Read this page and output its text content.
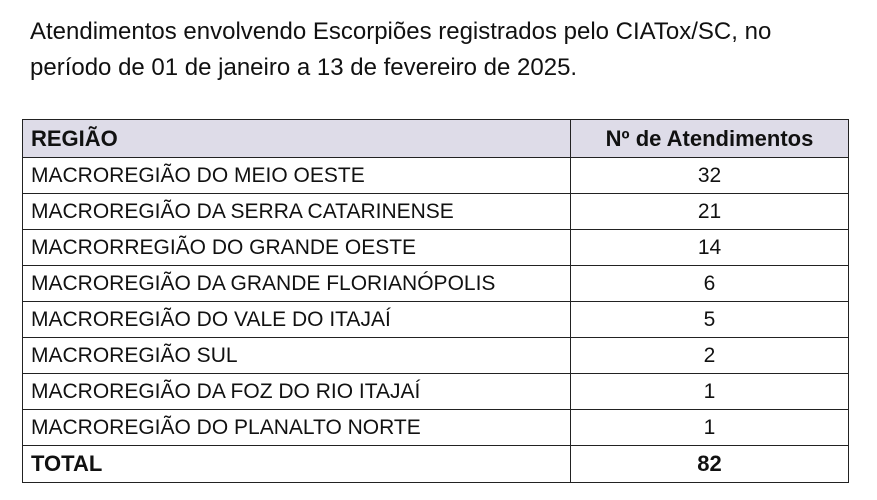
Atendimentos envolvendo Escorpiões registrados pelo CIATox/SC, no
período de 01 de janeiro a 13 de fevereiro de 2025.

REGIÃO	Nº de Atendimentos
MACROREGIÃO DO MEIO OESTE	32
MACROREGIÃO DA SERRA CATARINENSE	21
MACRORREGIÃO DO GRANDE OESTE	14
MACROREGIÃO DA GRANDE FLORIANÓPOLIS	6
MACROREGIÃO DO VALE DO ITAJAÍ	5
MACROREGIÃO SUL	2
MACROREGIÃO DA FOZ DO RIO ITAJAÍ	1
MACROREGIÃO DO PLANALTO NORTE	1
TOTAL	82
